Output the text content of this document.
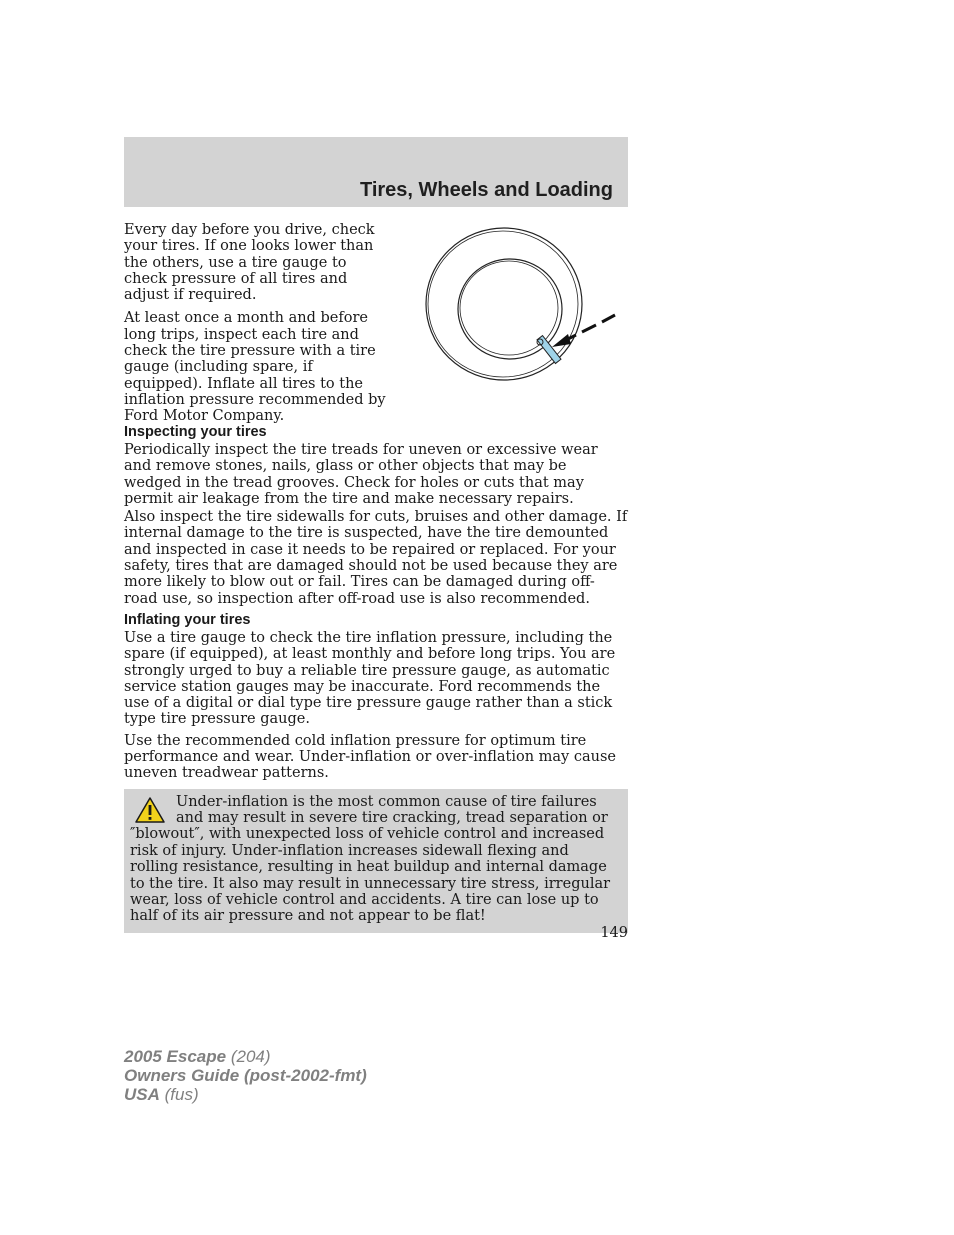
Tires, Wheels and Loading

Every day before you drive, check your tires. If one looks lower than the others, use a tire gauge to check pressure of all tires and adjust if required.

At least once a month and before long trips, inspect each tire and check the tire pressure with a tire gauge (including spare, if equipped). Inflate all tires to the inflation pressure recommended by Ford Motor Company.

Inspecting your tires

Periodically inspect the tire treads for uneven or excessive wear and remove stones, nails, glass or other objects that may be wedged in the tread grooves. Check for holes or cuts that may permit air leakage from the tire and make necessary repairs.

Also inspect the tire sidewalls for cuts, bruises and other damage. If internal damage to the tire is suspected, have the tire demounted and inspected in case it needs to be repaired or replaced. For your safety, tires that are damaged should not be used because they are more likely to blow out or fail. Tires can be damaged during off-road use, so inspection after off-road use is also recommended.

Inflating your tires

Use a tire gauge to check the tire inflation pressure, including the spare (if equipped), at least monthly and before long trips. You are strongly urged to buy a reliable tire pressure gauge, as automatic service station gauges may be inaccurate. Ford recommends the use of a digital or dial type tire pressure gauge rather than a stick type tire pressure gauge.

Use the recommended cold inflation pressure for optimum tire performance and wear. Under-inflation or over-inflation may cause uneven treadwear patterns.

Under-inflation is the most common cause of tire failures and may result in severe tire cracking, tread separation or ″blowout″, with unexpected loss of vehicle control and increased risk of injury. Under-inflation increases sidewall flexing and rolling resistance, resulting in heat buildup and internal damage to the tire. It also may result in unnecessary tire stress, irregular wear, loss of vehicle control and accidents. A tire can lose up to half of its air pressure and not appear to be flat!
149
2005 Escape (204)
Owners Guide (post-2002-fmt)
USA (fus)
